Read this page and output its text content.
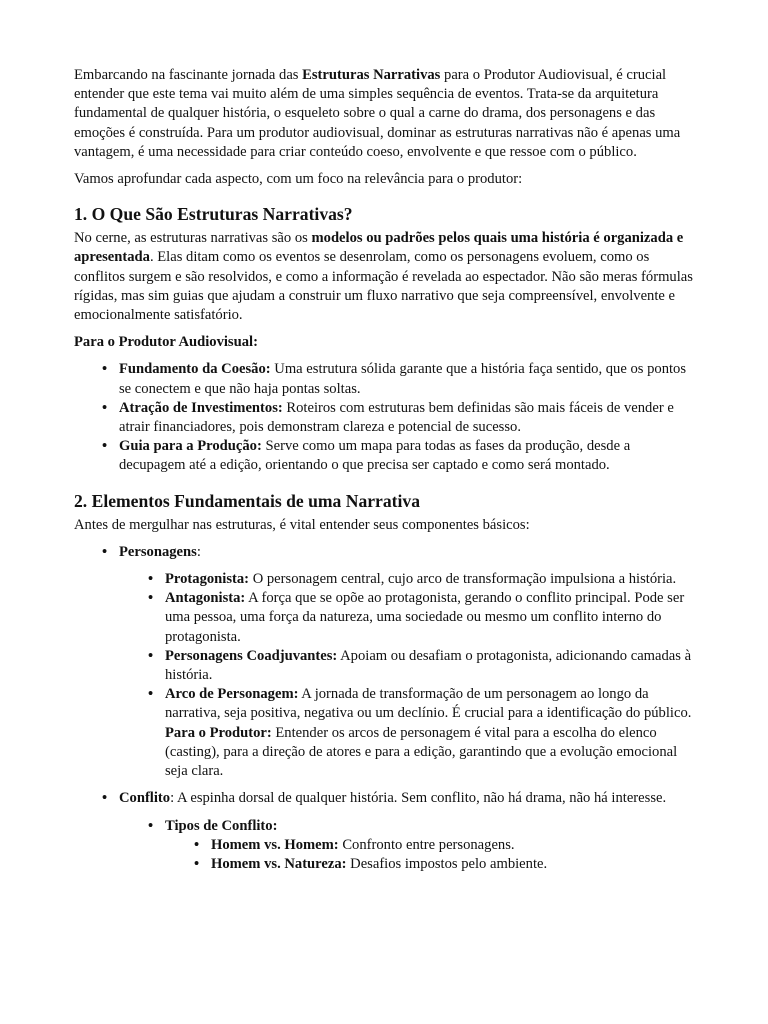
Embarcando na fascinante jornada das Estruturas Narrativas para o Produtor Audiovisual, é crucial entender que este tema vai muito além de uma simples sequência de eventos. Trata-se da arquitetura fundamental de qualquer história, o esqueleto sobre o qual a carne do drama, dos personagens e das emoções é construída. Para um produtor audiovisual, dominar as estruturas narrativas não é apenas uma vantagem, é uma necessidade para criar conteúdo coeso, envolvente e que ressoe com o público.

Vamos aprofundar cada aspecto, com um foco na relevância para o produtor:

1. O Que São Estruturas Narrativas?

No cerne, as estruturas narrativas são os modelos ou padrões pelos quais uma história é organizada e apresentada. Elas ditam como os eventos se desenrolam, como os personagens evoluem, como os conflitos surgem e são resolvidos, e como a informação é revelada ao espectador. Não são meras fórmulas rígidas, mas sim guias que ajudam a construir um fluxo narrativo que seja compreensível, envolvente e emocionalmente satisfatório.

Para o Produtor Audiovisual:

• Fundamento da Coesão: Uma estrutura sólida garante que a história faça sentido, que os pontos se conectem e que não haja pontas soltas.
• Atração de Investimentos: Roteiros com estruturas bem definidas são mais fáceis de vender e atrair financiadores, pois demonstram clareza e potencial de sucesso.
• Guia para a Produção: Serve como um mapa para todas as fases da produção, desde a decupagem até a edição, orientando o que precisa ser captado e como será montado.
2. Elementos Fundamentais de uma Narrativa

Antes de mergulhar nas estruturas, é vital entender seus componentes básicos:

• Personagens:
• Protagonista: O personagem central, cujo arco de transformação impulsiona a história.
• Antagonista: A força que se opõe ao protagonista, gerando o conflito principal. Pode ser uma pessoa, uma força da natureza, uma sociedade ou mesmo um conflito interno do protagonista.
• Personagens Coadjuvantes: Apoiam ou desafiam o protagonista, adicionando camadas à história.
• Arco de Personagem: A jornada de transformação de um personagem ao longo da narrativa, seja positiva, negativa ou um declínio. É crucial para a identificação do público. Para o Produtor: Entender os arcos de personagem é vital para a escolha do elenco (casting), para a direção de atores e para a edição, garantindo que a evolução emocional seja clara.
• Conflito: A espinha dorsal de qualquer história. Sem conflito, não há drama, não há interesse.
• Tipos de Conflito:
• Homem vs. Homem: Confronto entre personagens.
• Homem vs. Natureza: Desafios impostos pelo ambiente.
